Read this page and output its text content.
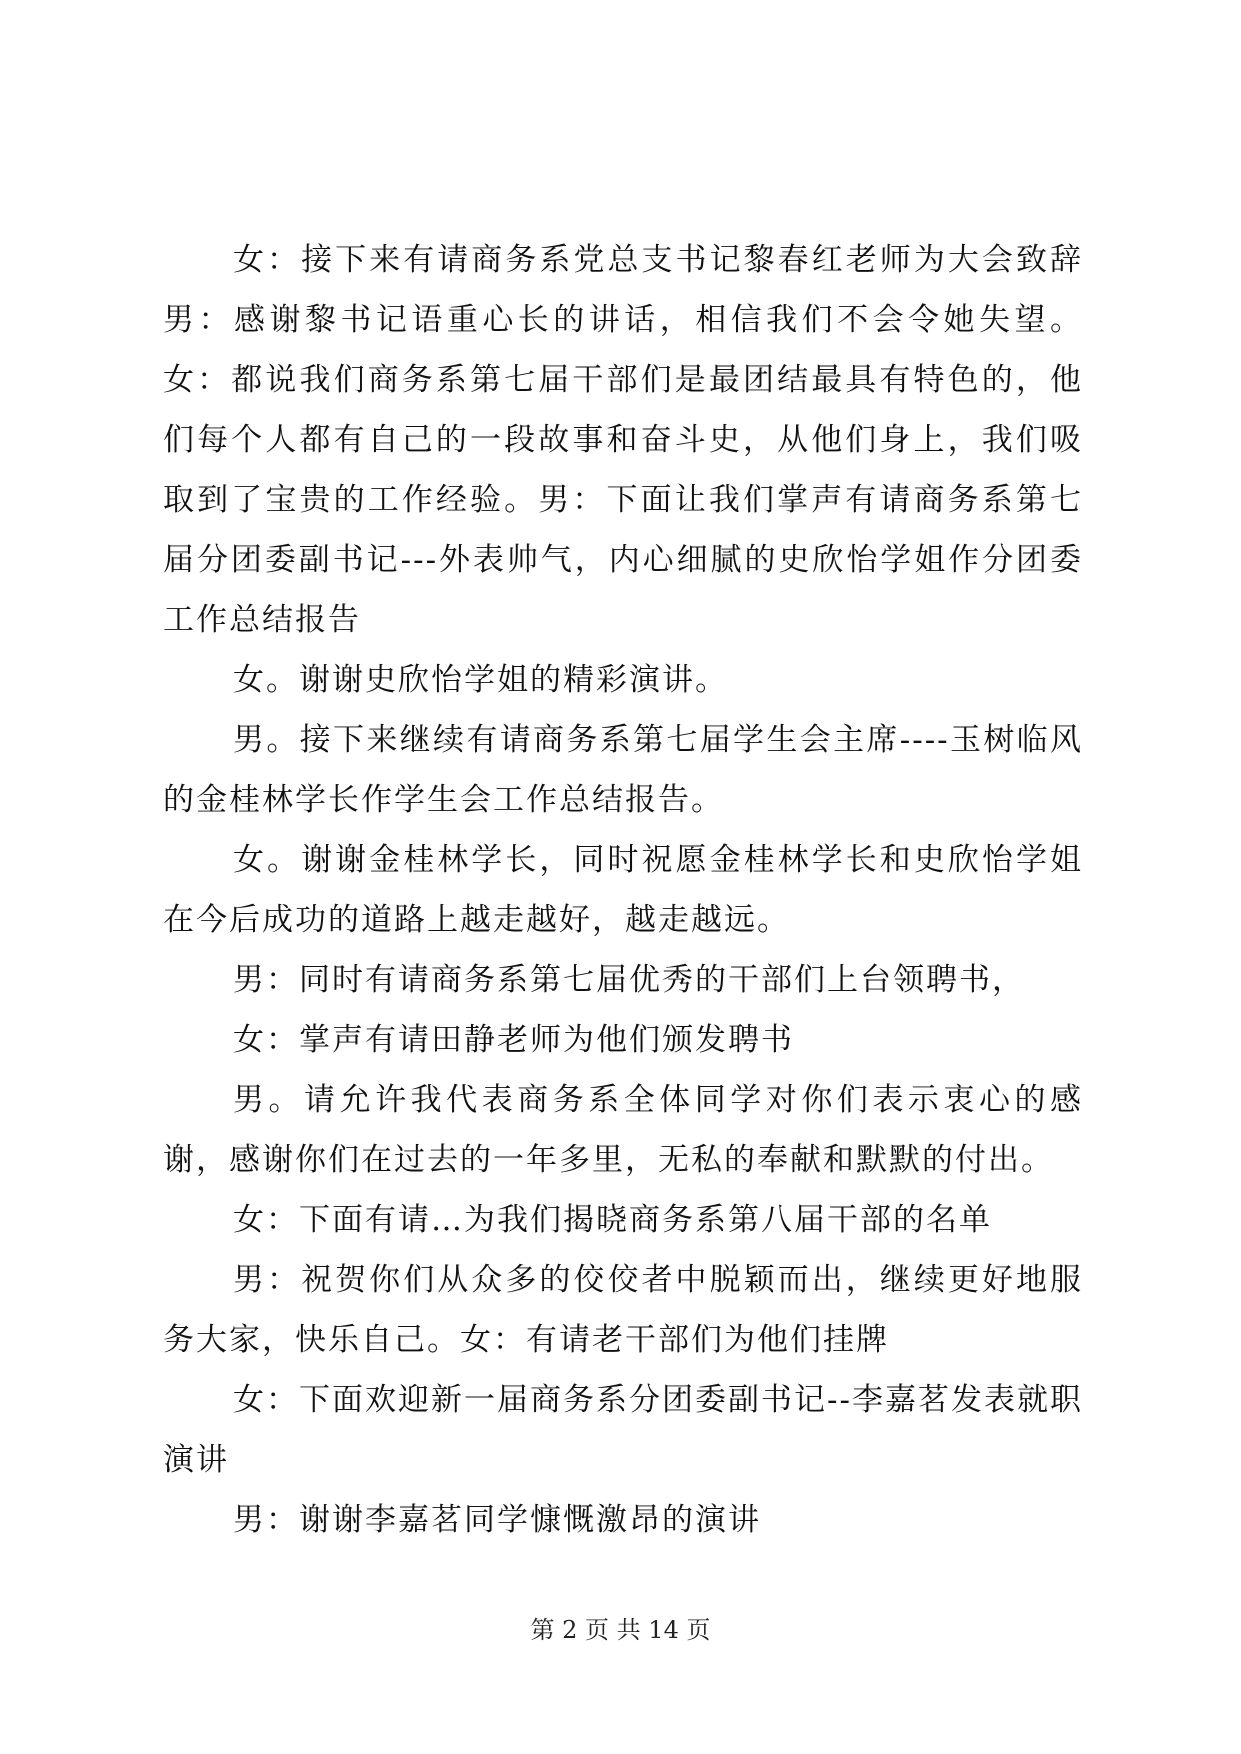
女：接下来有请商务系党总支书记黎春红老师为大会致辞男：感谢黎书记语重心长的讲话，相信我们不会令她失望。女：都说我们商务系第七届干部们是最团结最具有特色的，他们每个人都有自己的一段故事和奋斗史，从他们身上，我们吸取到了宝贵的工作经验。男：下面让我们掌声有请商务系第七届分团委副书记---外表帅气，内心细腻的史欣怡学姐作分团委工作总结报告

女。谢谢史欣怡学姐的精彩演讲。

男。接下来继续有请商务系第七届学生会主席----玉树临风的金桂林学长作学生会工作总结报告。

女。谢谢金桂林学长，同时祝愿金桂林学长和史欣怡学姐在今后成功的道路上越走越好，越走越远。

男：同时有请商务系第七届优秀的干部们上台领聘书，

女：掌声有请田静老师为他们颁发聘书

男。请允许我代表商务系全体同学对你们表示衷心的感谢，感谢你们在过去的一年多里，无私的奉献和默默的付出。

女：下面有请…为我们揭晓商务系第八届干部的名单

男：祝贺你们从众多的佼佼者中脱颖而出，继续更好地服务大家，快乐自己。女：有请老干部们为他们挂牌

女：下面欢迎新一届商务系分团委副书记--李嘉茗发表就职演讲

男：谢谢李嘉茗同学慷慨激昂的演讲

第 2 页 共 14 页
